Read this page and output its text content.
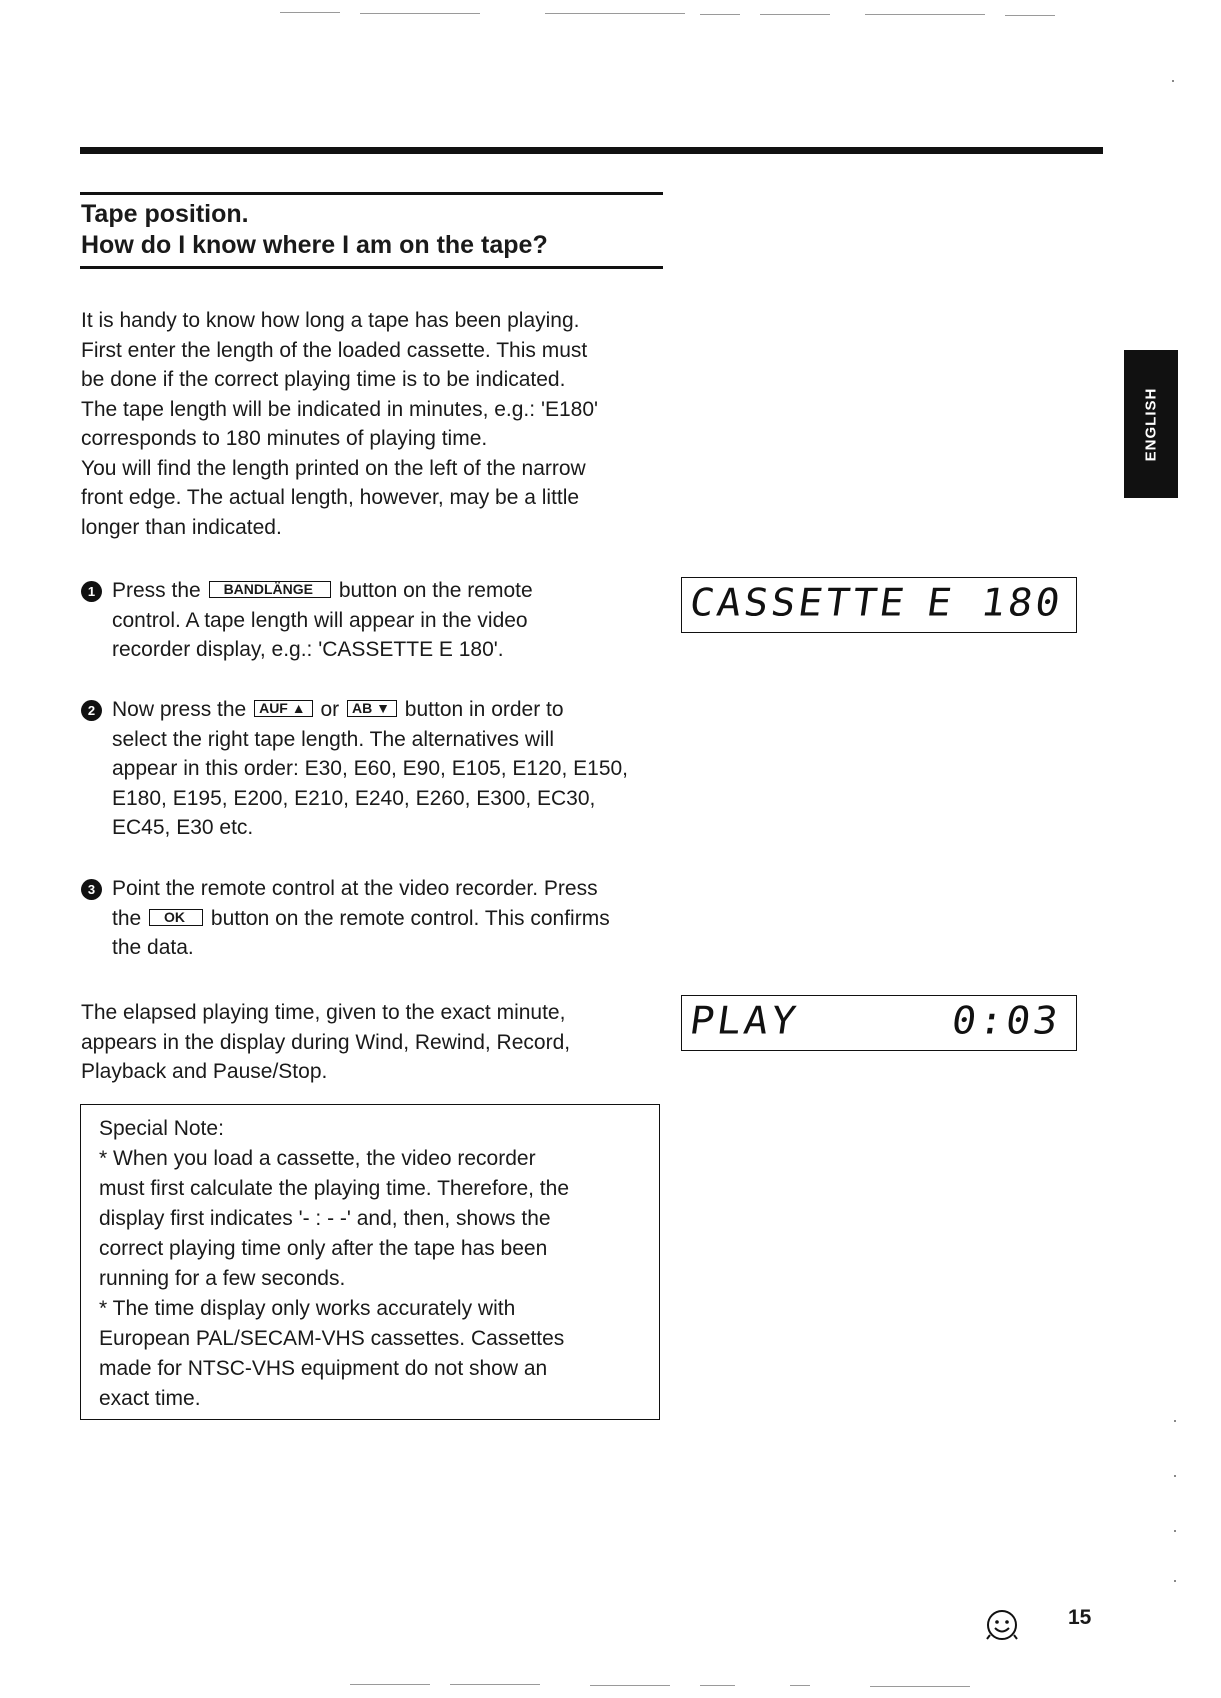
Tape position.
How do I know where I am on the tape?
It is handy to know how long a tape has been playing.
First enter the length of the loaded cassette. This must
be done if the correct playing time is to be indicated.
The tape length will be indicated in minutes, e.g.: 'E180'
corresponds to 180 minutes of playing time.
You will find the length printed on the left of the narrow
front edge. The actual length, however, may be a little
longer than indicated.
1 Press the BANDLÄNGE button on the remote
control. A tape length will appear in the video
recorder display, e.g.: 'CASSETTE E 180'.
2 Now press the AUF ▲ or AB ▼ button in order to
select the right tape length. The alternatives will
appear in this order: E30, E60, E90, E105, E120, E150,
E180, E195, E200, E210, E240, E260, E300, EC30,
EC45, E30 etc.
3 Point the remote control at the video recorder. Press
the OK button on the remote control. This confirms
the data.
The elapsed playing time, given to the exact minute,
appears in the display during Wind, Rewind, Record,
Playback and Pause/Stop.
Special Note:
* When you load a cassette, the video recorder
must first calculate the playing time. Therefore, the
display first indicates '- : - -' and, then, shows the
correct playing time only after the tape has been
running for a few seconds.
* The time display only works accurately with
European PAL/SECAM-VHS cassettes. Cassettes
made for NTSC-VHS equipment do not show an
exact time.
CASSETTE E 180
PLAY	0:03
ENGLISH
15
